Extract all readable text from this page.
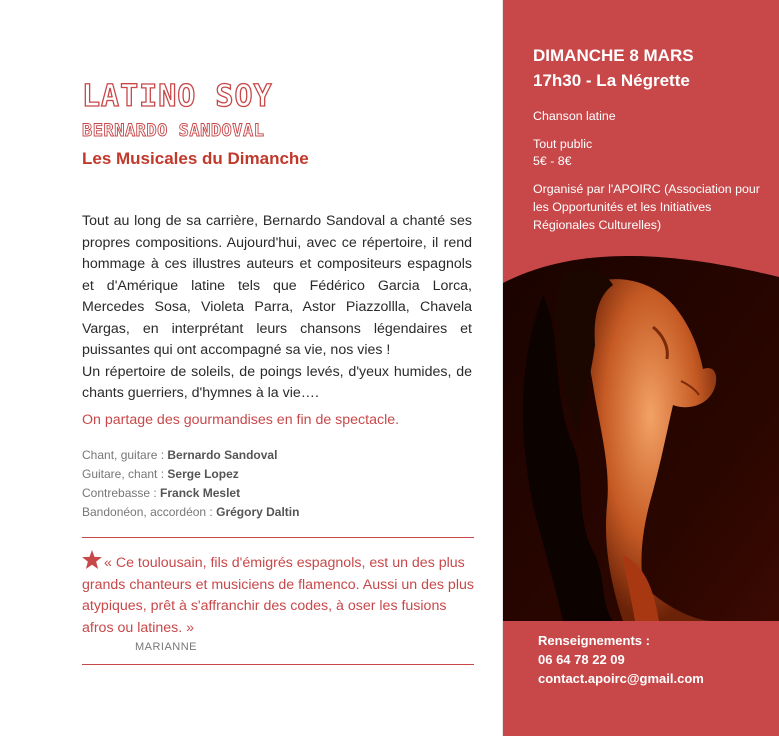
LATINO SOY
BERNARDO SANDOVAL
Les Musicales du Dimanche

Tout au long de sa carrière, Bernardo Sandoval a chanté ses propres compositions. Aujourd'hui, avec ce répertoire, il rend hommage à ces illustres auteurs et compositeurs espagnols et d'Amérique latine tels que Fédérico Garcia Lorca, Mercedes Sosa, Violeta Parra, Astor Piazzollla, Chavela Vargas, en interprétant leurs chansons légendaires et puissantes qui ont accompagné sa vie, nos vies !

Un répertoire de soleils, de poings levés, d'yeux humides, de chants guerriers, d'hymnes à la vie….

On partage des gourmandises en fin de spectacle.

Chant, guitare : Bernardo Sandoval
Guitare, chant : Serge Lopez
Contrebasse : Franck Meslet
Bandonéon, accordéon : Grégory Daltin

« Ce toulousain, fils d'émigrés espagnols, est un des plus grands chanteurs et musiciens de flamenco. Aussi un des plus atypiques, prêt à s'affranchir des codes, à oser les fusions afros ou latines. »

MARIANNE

DIMANCHE 8 MARS

17h30 - La Négrette

Chanson latine

Tout public

5€ - 8€

Organisé par l'APOIRC (Association pour les Opportunités et les Initiatives Régionales Culturelles)

Renseignements :

06 64 78 22 09

contact.apoirc@gmail.com
